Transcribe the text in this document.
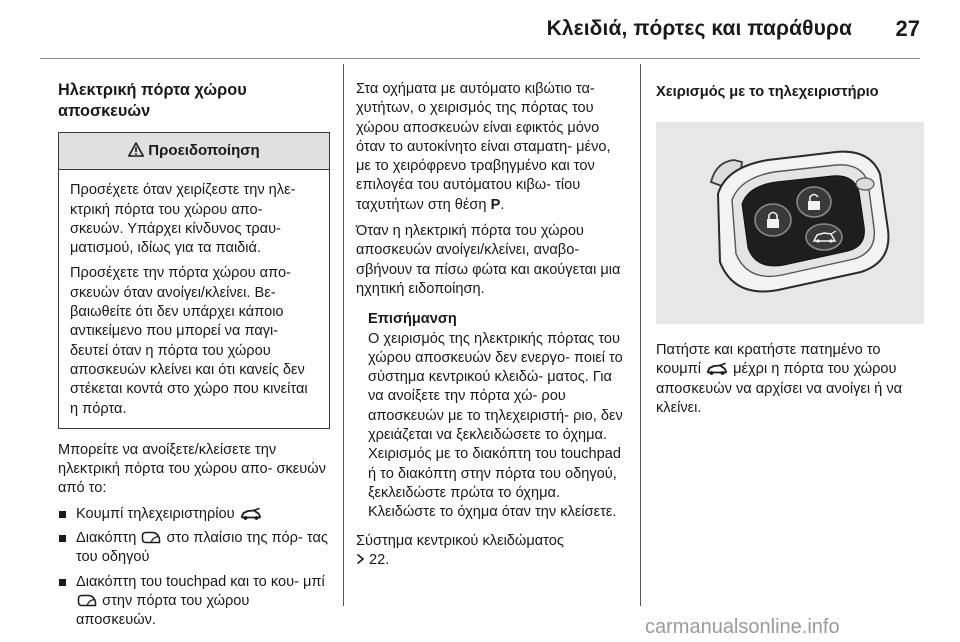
Κλειδιά, πόρτες και παράθυρα 27
Ηλεκτρική πόρτα χώρου
αποσκευών
Προειδοποίηση

Προσέχετε όταν χειρίζεστε την ηλε- κτρική πόρτα του χώρου απο- σκευών. Υπάρχει κίνδυνος τραυ- ματισμού, ιδίως για τα παιδιά.

Προσέχετε την πόρτα χώρου απο- σκευών όταν ανοίγει/κλείνει. Βε- βαιωθείτε ότι δεν υπάρχει κάποιο αντικείμενο που μπορεί να παγι- δευτεί όταν η πόρτα του χώρου αποσκευών κλείνει και ότι κανείς δεν στέκεται κοντά στο χώρο που κινείται η πόρτα.

Μπορείτε να ανοίξετε/κλείσετε την ηλεκτρική πόρτα του χώρου απο- σκευών από το:

Κουμπί τηλεχειριστηρίου
Διακόπτη στο πλαίσιο της πόρ- τας του οδηγού
Διακόπτη του touchpad και το κου- μπί  στην πόρτα του χώρου αποσκευών.

Στα οχήματα με αυτόματο κιβώτιο τα- χυτήτων, ο χειρισμός της πόρτας του χώρου αποσκευών είναι εφικτός μόνο όταν το αυτοκίνητο είναι σταματη- μένο, με το χειρόφρενο τραβηγμένο και τον επιλογέα του αυτόματου κιβω- τίου ταχυτήτων στη θέση P.

Όταν η ηλεκτρική πόρτα του χώρου αποσκευών ανοίγει/κλείνει, αναβο- σβήνουν τα πίσω φώτα και ακούγεται μια ηχητική ειδοποίηση.

Επισήμανση
Ο χειρισμός της ηλεκτρικής πόρτας του χώρου αποσκευών δεν ενεργο- ποιεί το σύστημα κεντρικού κλειδώ- ματος. Για να ανοίξετε την πόρτα χώ- ρου αποσκευών με το τηλεχειριστή- ριο, δεν χρειάζεται να ξεκλειδώσετε το όχημα. Χειρισμός με το διακόπτη του touchpad ή το διακόπτη στην πόρτα του οδηγού, ξεκλειδώστε πρώτα το όχημα. Κλειδώστε το όχημα όταν την κλείσετε.

Σύστημα κεντρικού κλειδώματος
22.

Χειρισμός με το τηλεχειριστήριο

Πατήστε και κρατήστε πατημένο το κουμπί μέχρι η πόρτα του χώρου αποσκευών να αρχίσει να ανοίγει ή να κλείνει.

carmanualsonline.info
